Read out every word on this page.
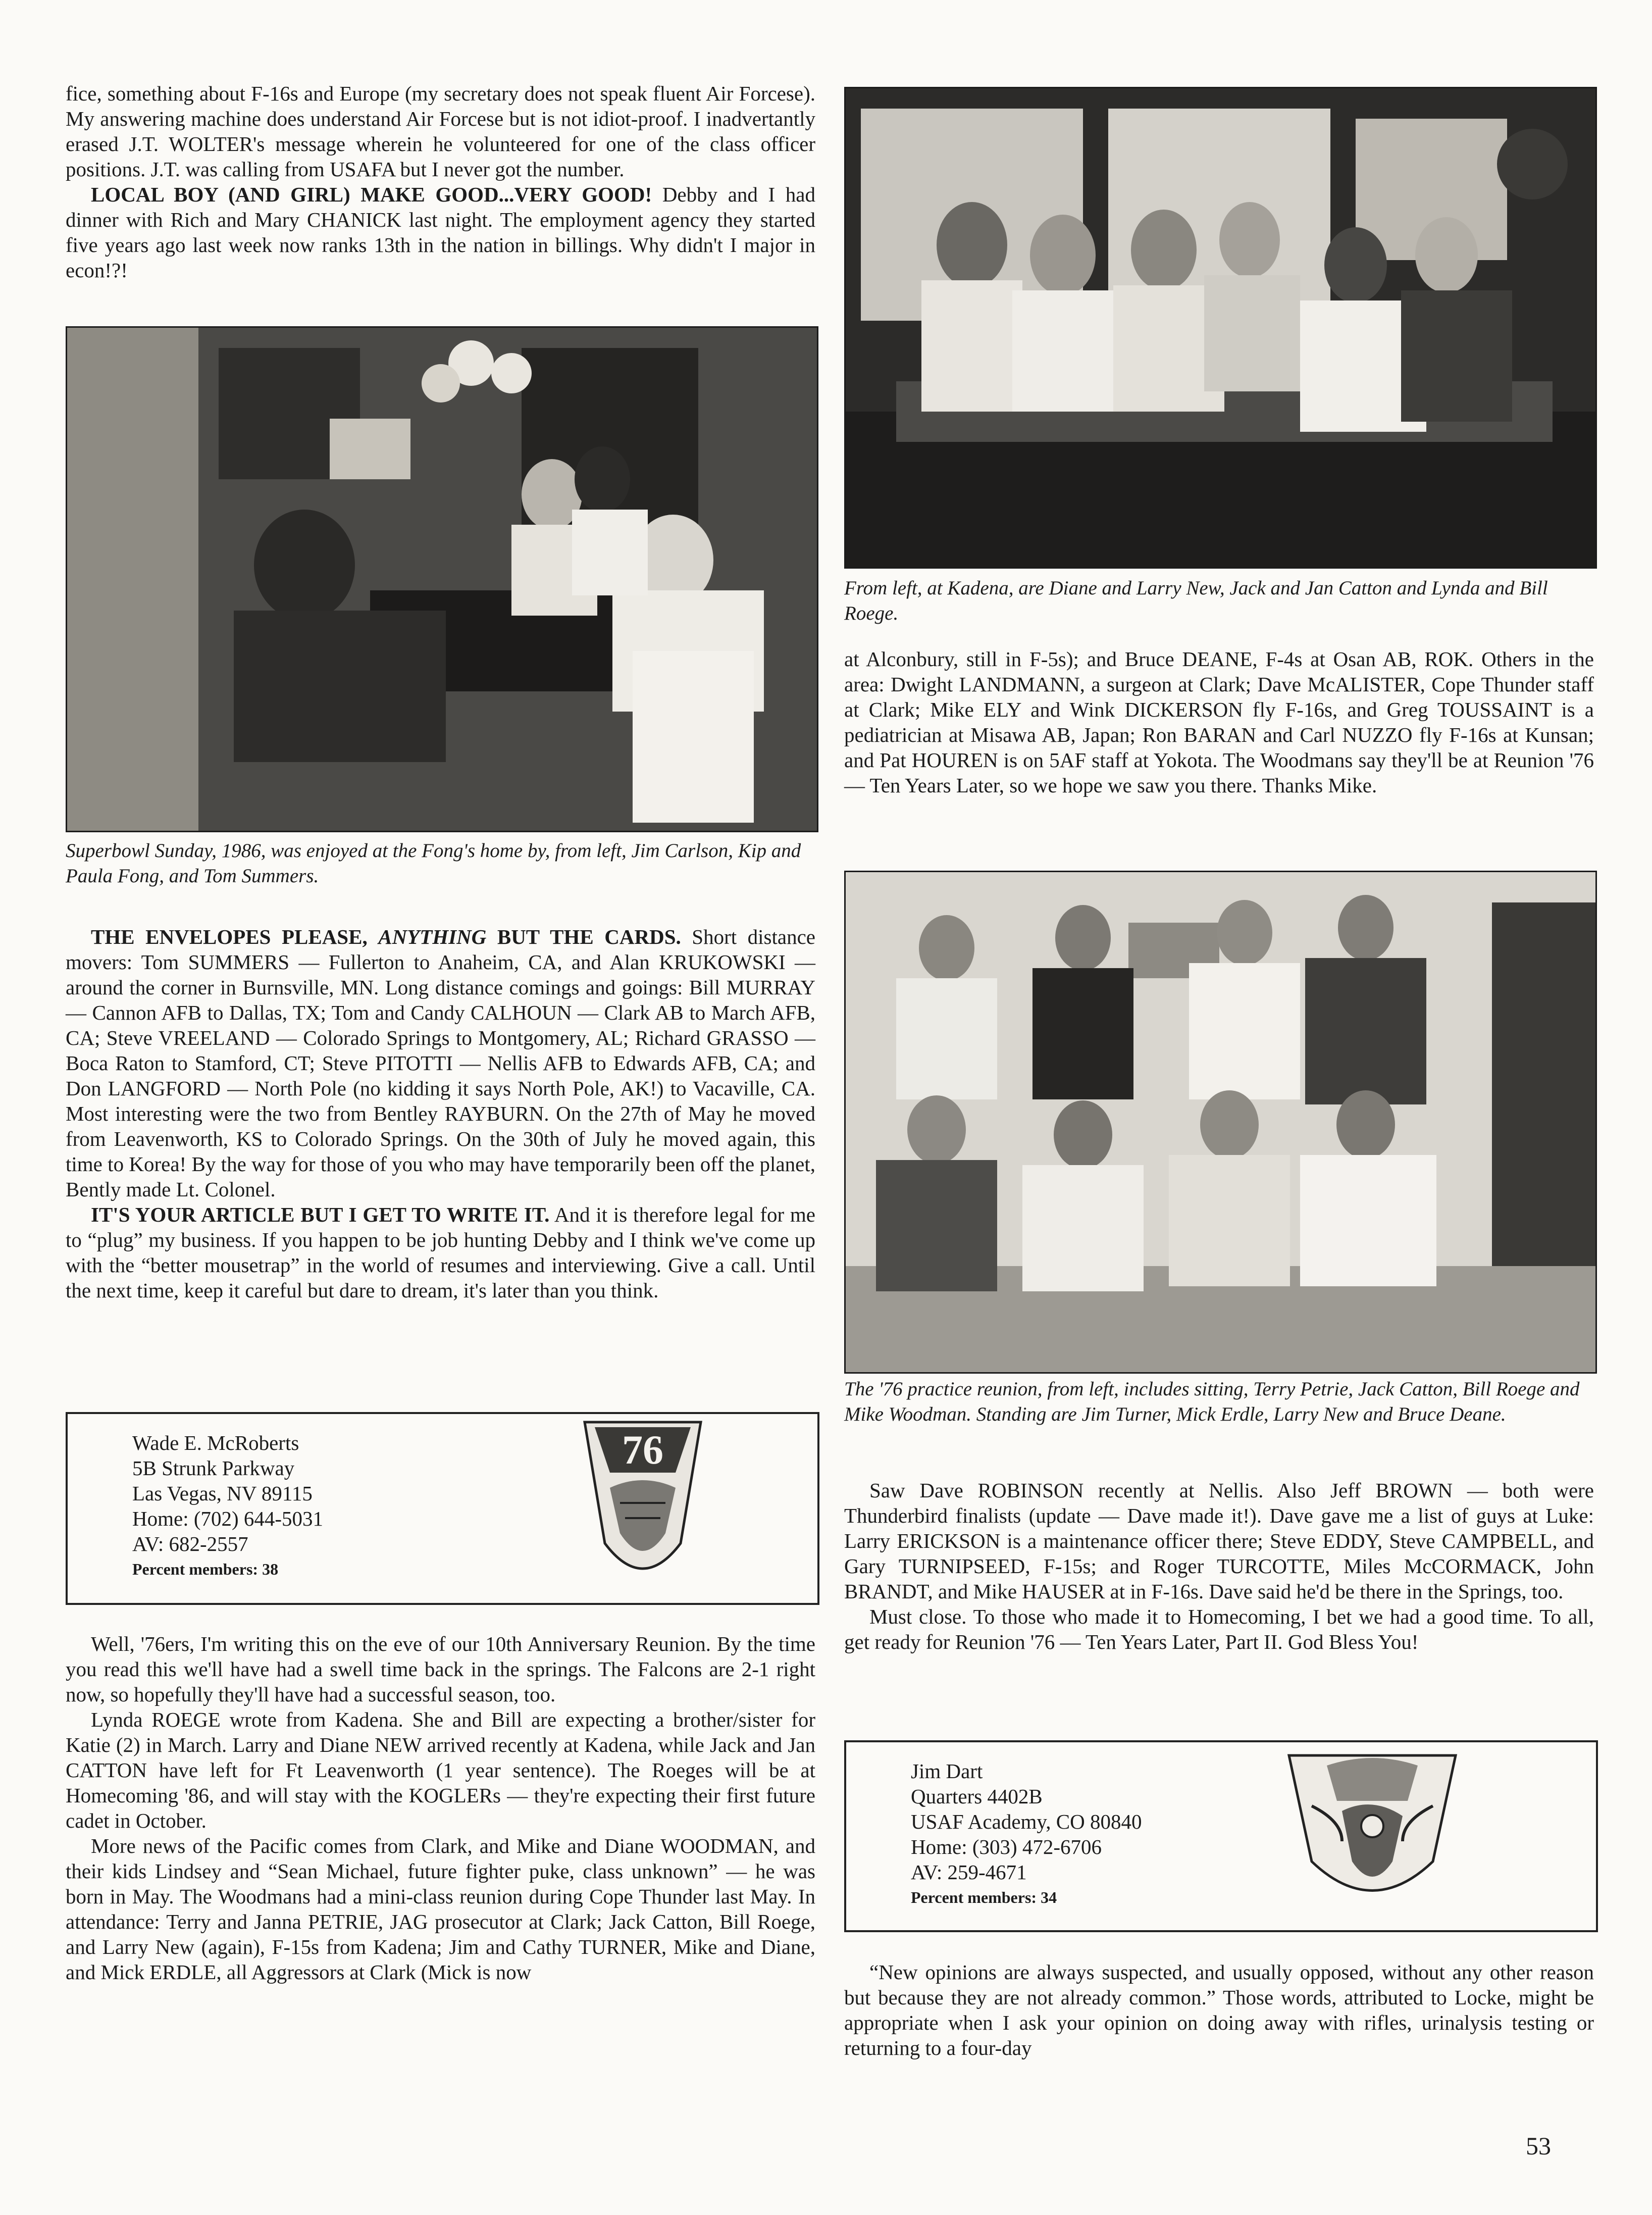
fice, something about F-16s and Europe (my secretary does not speak fluent Air Forcese). My answering machine does understand Air Forcese but is not idiot-proof. I inadvertantly erased J.T. WOLTER's message wherein he volunteered for one of the class officer positions. J.T. was calling from USAFA but I never got the number.

LOCAL BOY (AND GIRL) MAKE GOOD...VERY GOOD! Debby and I had dinner with Rich and Mary CHANICK last night. The employment agency they started five years ago last week now ranks 13th in the nation in billings. Why didn't I major in econ!?!

Superbowl Sunday, 1986, was enjoyed at the Fong's home by, from left, Jim Carlson, Kip and Paula Fong, and Tom Summers.

THE ENVELOPES PLEASE, ANYTHING BUT THE CARDS. Short distance movers: Tom SUMMERS — Fullerton to Anaheim, CA, and Alan KRUKOWSKI — around the corner in Burnsville, MN. Long distance comings and goings: Bill MURRAY — Cannon AFB to Dallas, TX; Tom and Candy CALHOUN — Clark AB to March AFB, CA; Steve VREELAND — Colorado Springs to Montgomery, AL; Richard GRASSO — Boca Raton to Stamford, CT; Steve PITOTTI — Nellis AFB to Edwards AFB, CA; and Don LANGFORD — North Pole (no kidding it says North Pole, AK!) to Vacaville, CA. Most interesting were the two from Bentley RAYBURN. On the 27th of May he moved from Leavenworth, KS to Colorado Springs. On the 30th of July he moved again, this time to Korea! By the way for those of you who may have temporarily been off the planet, Bently made Lt. Colonel.

IT'S YOUR ARTICLE BUT I GET TO WRITE IT. And it is therefore legal for me to “plug” my business. If you happen to be job hunting Debby and I think we've come up with the “better mousetrap” in the world of resumes and interviewing. Give a call. Until the next time, keep it careful but dare to dream, it's later than you think.

Wade E. McRoberts
5B Strunk Parkway
Las Vegas, NV 89115
Home: (702) 644-5031
AV: 682-2557
Percent members: 38
76

Well, '76ers, I'm writing this on the eve of our 10th Anniversary Reunion. By the time you read this we'll have had a swell time back in the springs. The Falcons are 2-1 right now, so hopefully they'll have had a successful season, too.

Lynda ROEGE wrote from Kadena. She and Bill are expecting a brother/sister for Katie (2) in March. Larry and Diane NEW arrived recently at Kadena, while Jack and Jan CATTON have left for Ft Leavenworth (1 year sentence). The Roeges will be at Homecoming '86, and will stay with the KOGLERs — they're expecting their first future cadet in October.

More news of the Pacific comes from Clark, and Mike and Diane WOODMAN, and their kids Lindsey and “Sean Michael, future fighter puke, class unknown” — he was born in May. The Woodmans had a mini-class reunion during Cope Thunder last May. In attendance: Terry and Janna PETRIE, JAG prosecutor at Clark; Jack Catton, Bill Roege, and Larry New (again), F-15s from Kadena; Jim and Cathy TURNER, Mike and Diane, and Mick ERDLE, all Aggressors at Clark (Mick is now

From left, at Kadena, are Diane and Larry New, Jack and Jan Catton and Lynda and Bill Roege.

at Alconbury, still in F-5s); and Bruce DEANE, F-4s at Osan AB, ROK. Others in the area: Dwight LANDMANN, a surgeon at Clark; Dave McALISTER, Cope Thunder staff at Clark; Mike ELY and Wink DICKERSON fly F-16s, and Greg TOUSSAINT is a pediatrician at Misawa AB, Japan; Ron BARAN and Carl NUZZO fly F-16s at Kunsan; and Pat HOUREN is on 5AF staff at Yokota. The Woodmans say they'll be at Reunion '76 — Ten Years Later, so we hope we saw you there. Thanks Mike.

The '76 practice reunion, from left, includes sitting, Terry Petrie, Jack Catton, Bill Roege and Mike Woodman. Standing are Jim Turner, Mick Erdle, Larry New and Bruce Deane.

Saw Dave ROBINSON recently at Nellis. Also Jeff BROWN — both were Thunderbird finalists (update — Dave made it!). Dave gave me a list of guys at Luke: Larry ERICKSON is a maintenance officer there; Steve EDDY, Steve CAMPBELL, and Gary TURNIPSEED, F-15s; and Roger TURCOTTE, Miles McCORMACK, John BRANDT, and Mike HAUSER at in F-16s. Dave said he'd be there in the Springs, too.

Must close. To those who made it to Homecoming, I bet we had a good time. To all, get ready for Reunion '76 — Ten Years Later, Part II. God Bless You!

Jim Dart
Quarters 4402B
USAF Academy, CO 80840
Home: (303) 472-6706
AV: 259-4671
Percent members: 34

“New opinions are always suspected, and usually opposed, without any other reason but because they are not already common.” Those words, attributed to Locke, might be appropriate when I ask your opinion on doing away with rifles, urinalysis testing or returning to a four-day

53
